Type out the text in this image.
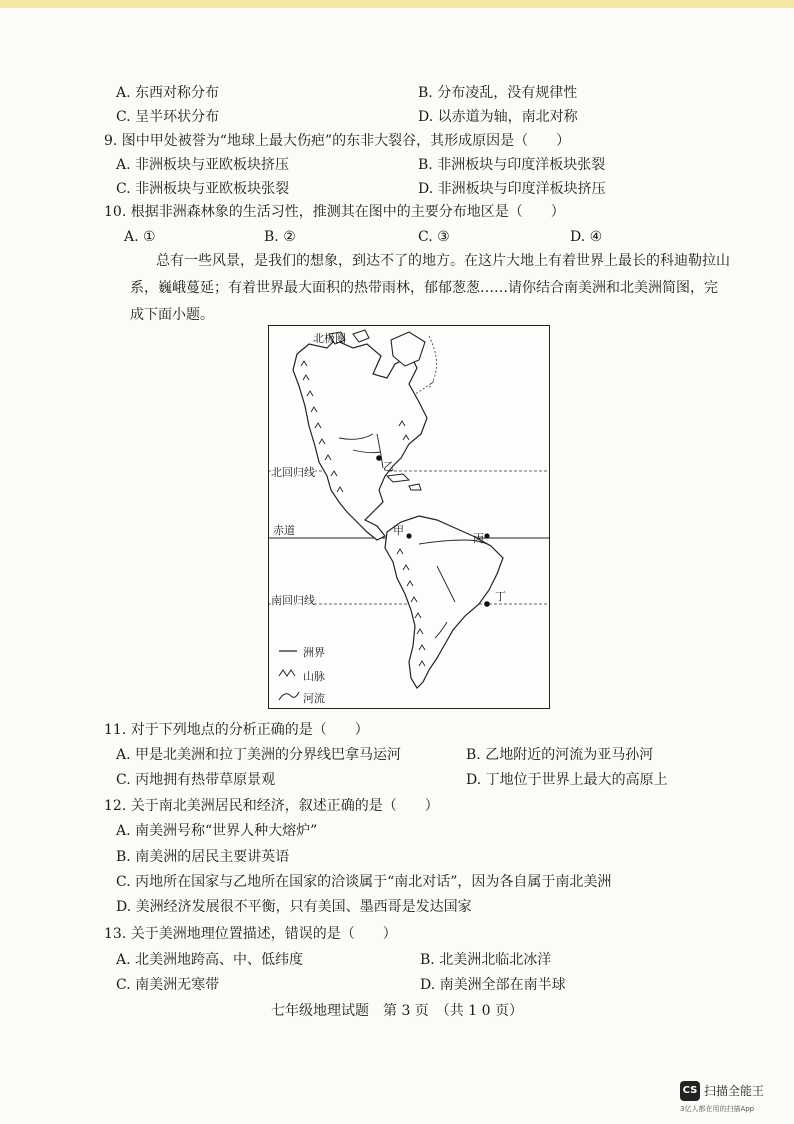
A. 东西对称分布	B. 分布凌乱，没有规律性
C. 呈半环状分布	D. 以赤道为轴，南北对称
9. 图中甲处被誉为“地球上最大伤疤”的东非大裂谷，其形成原因是（　　）
A. 非洲板块与亚欧板块挤压	B. 非洲板块与印度洋板块张裂
C. 非洲板块与亚欧板块张裂	D. 非洲板块与印度洋板块挤压
10. 根据非洲森林象的生活习性，推测其在图中的主要分布地区是（　　）
A. ①	B. ②	C. ③	D. ④
总有一些风景，是我们的想象，到达不了的地方。在这片大地上有着世界上最长的科迪勒拉山系，巍峨蔓延；有着世界最大面积的热带雨林，郁郁葱葱……请你结合南美洲和北美洲简图，完成下面小题。
北极圈
北回归线
赤道
南回归线
甲
乙
丙
丁
洲界
山脉
河流
11. 对于下列地点的分析正确的是（　　）
A. 甲是北美洲和拉丁美洲的分界线巴拿马运河	B. 乙地附近的河流为亚马孙河
C. 丙地拥有热带草原景观	D. 丁地位于世界上最大的高原上
12. 关于南北美洲居民和经济，叙述正确的是（　　）
A. 南美洲号称“世界人种大熔炉”
B. 南美洲的居民主要讲英语
C. 丙地所在国家与乙地所在国家的洽谈属于“南北对话”，因为各自属于南北美洲
D. 美洲经济发展很不平衡，只有美国、墨西哥是发达国家
13. 关于美洲地理位置描述，错误的是（　　）
A. 北美洲地跨高、中、低纬度	B. 北美洲北临北冰洋
C. 南美洲无寒带	D. 南美洲全部在南半球
七年级地理试题　第 3 页　（共 1 0 页）
CS 扫描全能王
3亿人都在用的扫描App
